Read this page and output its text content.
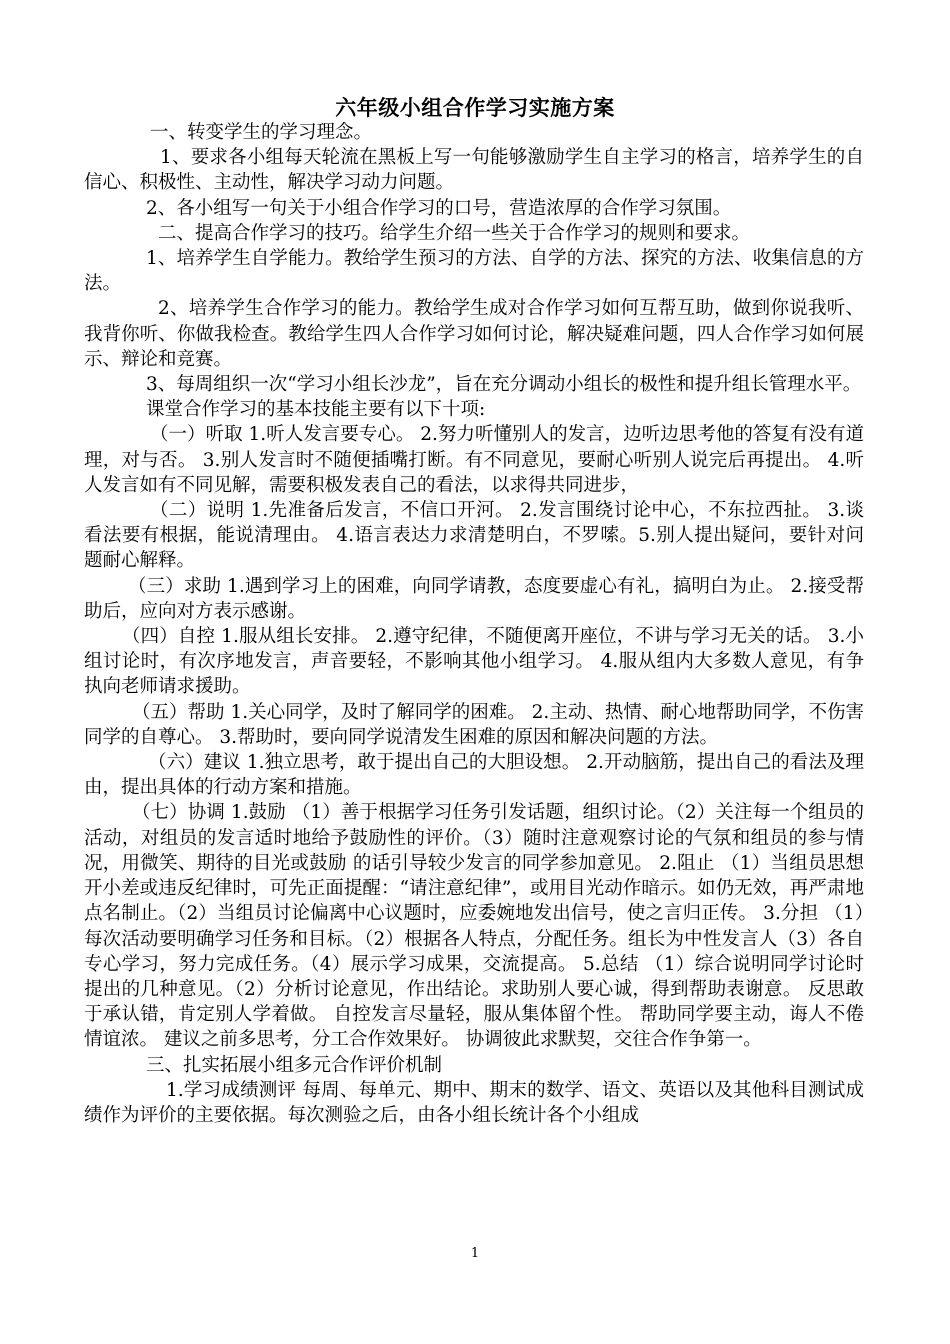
六年级小组合作学习实施方案

一、转变学生的学习理念。

1、要求各小组每天轮流在黑板上写一句能够激励学生自主学习的格言，培养学生的自信心、积极性、主动性，解决学习动力问题。

2、各小组写一句关于小组合作学习的口号，营造浓厚的合作学习氛围。

二、提高合作学习的技巧。给学生介绍一些关于合作学习的规则和要求。

1、培养学生自学能力。教给学生预习的方法、自学的方法、探究的方法、收集信息的方法。

2、培养学生合作学习的能力。教给学生成对合作学习如何互帮互助，做到你说我听、我背你听、你做我检查。教给学生四人合作学习如何讨论，解决疑难问题，四人合作学习如何展示、辩论和竞赛。

3、每周组织一次“学习小组长沙龙”，旨在充分调动小组长的极性和提升组长管理水平。

课堂合作学习的基本技能主要有以下十项:

（一）听取 1.听人发言要专心。 2.努力听懂别人的发言，边听边思考他的答复有没有道理，对与否。 3.别人发言时不随便插嘴打断。有不同意见，要耐心听别人说完后再提出。 4.听人发言如有不同见解，需要积极发表自己的看法，以求得共同进步，

（二）说明 1.先准备后发言，不信口开河。 2.发言围绕讨论中心，不东拉西扯。 3.谈看法要有根据，能说清理由。 4.语言表达力求清楚明白，不罗嗦。5.别人提出疑问，要针对问题耐心解释。

（三）求助 1.遇到学习上的困难，向同学请教，态度要虚心有礼，搞明白为止。 2.接受帮助后，应向对方表示感谢。

（四）自控 1.服从组长安排。 2.遵守纪律，不随便离开座位，不讲与学习无关的话。 3.小组讨论时，有次序地发言，声音要轻，不影响其他小组学习。 4.服从组内大多数人意见，有争执向老师请求援助。

（五）帮助 1.关心同学，及时了解同学的困难。 2.主动、热情、耐心地帮助同学，不伤害同学的自尊心。 3.帮助时，要向同学说清发生困难的原因和解决问题的方法。

（六）建议 1.独立思考，敢于提出自己的大胆设想。 2.开动脑筋，提出自己的看法及理由，提出具体的行动方案和措施。

（七）协调 1.鼓励 （1）善于根据学习任务引发话题，组织讨论。（2）关注每一个组员的活动，对组员的发言适时地给予鼓励性的评价。（3）随时注意观察讨论的气氛和组员的参与情况，用微笑、期待的目光或鼓励 的话引导较少发言的同学参加意见。 2.阻止 （1）当组员思想开小差或违反纪律时，可先正面提醒：“请注意纪律”，或用目光动作暗示。如仍无效，再严肃地点名制止。（2）当组员讨论偏离中心议题时，应委婉地发出信号，使之言归正传。 3.分担 （1）每次活动要明确学习任务和目标。（2）根据各人特点，分配任务。组长为中性发言人（3）各自专心学习，努力完成任务。（4）展示学习成果，交流提高。 5.总结 （1）综合说明同学讨论时提出的几种意见。（2）分析讨论意见，作出结论。求助别人要心诚，得到帮助表谢意。 反思敢于承认错，肯定别人学着做。 自控发言尽量轻，服从集体留个性。 帮助同学要主动，诲人不倦情谊浓。 建议之前多思考，分工合作效果好。 协调彼此求默契，交往合作争第一。

三、扎实拓展小组多元合作评价机制

1.学习成绩测评 每周、每单元、期中、期末的数学、语文、英语以及其他科目测试成绩作为评价的主要依据。每次测验之后，由各小组长统计各个小组成

1
